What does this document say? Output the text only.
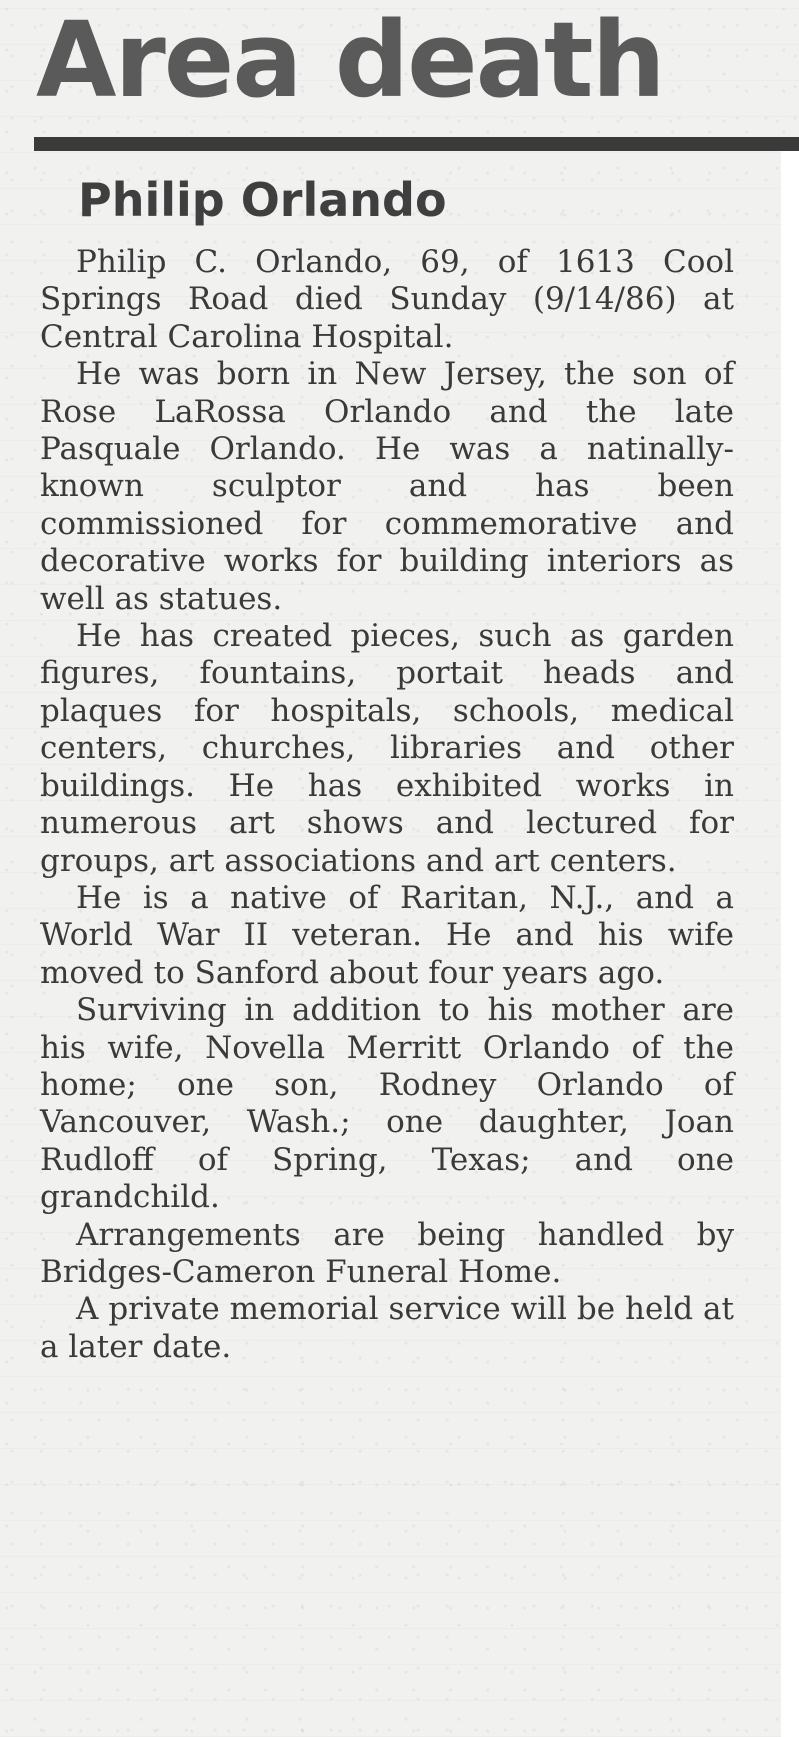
Area death
Philip Orlando

Philip C. Orlando, 69, of 1613 Cool Springs Road died Sunday (9/14/86) at Central Carolina Hospital.

He was born in New Jersey, the son of Rose LaRossa Orlando and the late Pasquale Orlando. He was a natinally-known sculptor and has been commissioned for commemorative and decorative works for building interiors as well as statues.

He has created pieces, such as garden figures, fountains, portait heads and plaques for hospitals, schools, medical centers, churches, libraries and other buildings. He has exhibited works in numerous art shows and lectured for groups, art associations and art centers.

He is a native of Raritan, N.J., and a World War II veteran. He and his wife moved to Sanford about four years ago.

Surviving in addition to his mother are his wife, Novella Merritt Orlando of the home; one son, Rodney Orlando of Vancouver, Wash.; one daughter, Joan Rudloff of Spring, Texas; and one grandchild.

Arrangements are being handled by Bridges-Cameron Funeral Home.

A private memorial service will be held at a later date.
